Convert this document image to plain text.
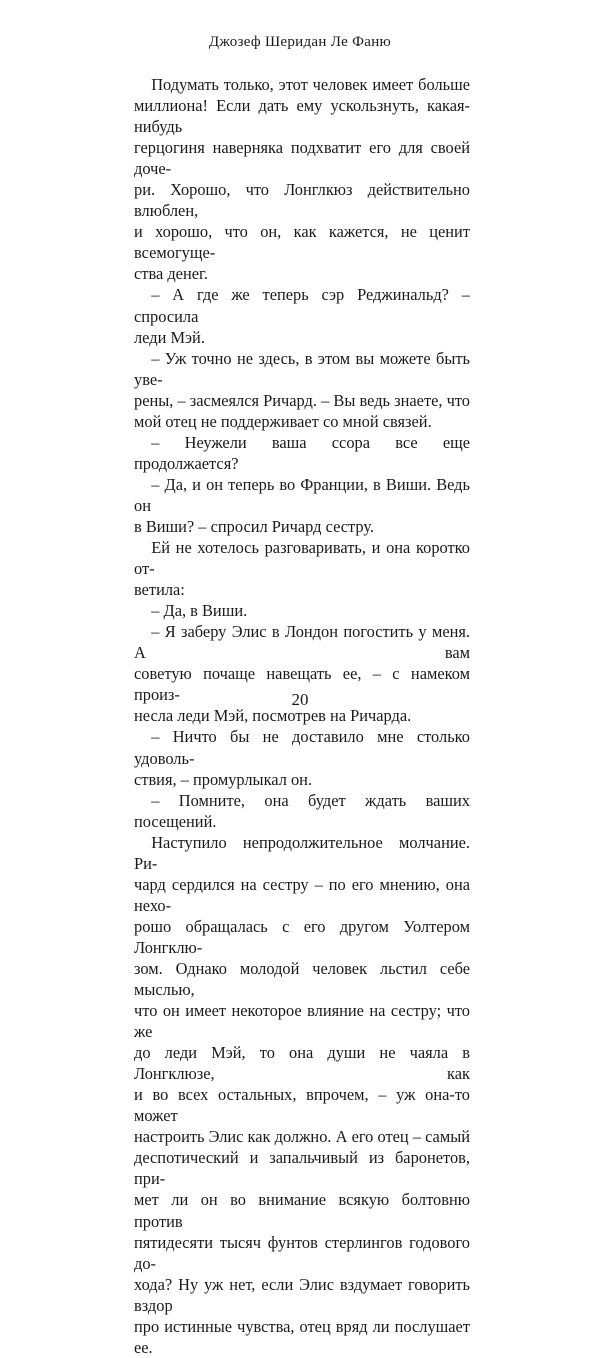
Джозеф Шеридан Ле Фаню

Подумать только, этот человек имеет больше

миллиона! Если дать ему ускользнуть, какая-нибудь

герцогиня наверняка подхватит его для своей доче-

ри. Хорошо, что Лонглкюз действительно влюблен,

и хорошо, что он, как кажется, не ценит всемогуще-

ства денег.

– А где же теперь сэр Реджинальд? – спросила

леди Мэй.

– Уж точно не здесь, в этом вы можете быть уве-

рены, – засмеялся Ричард. – Вы ведь знаете, что

мой отец не поддерживает со мной связей.

– Неужели ваша ссора все еще продолжается?

– Да, и он теперь во Франции, в Виши. Ведь он

в Виши? – спросил Ричард сестру.

Ей не хотелось разговаривать, и она коротко от-

ветила:

– Да, в Виши.

– Я заберу Элис в Лондон погостить у меня. А вам

советую почаще навещать ее, – с намеком произ-

несла леди Мэй, посмотрев на Ричарда.

– Ничто бы не доставило мне столько удоволь-

ствия, – промурлыкал он.

– Помните, она будет ждать ваших посещений.

Наступило непродолжительное молчание. Ри-

чард сердился на сестру – по его мнению, она нехо-

рошо обращалась с его другом Уолтером Лонгклю-

зом. Однако молодой человек льстил себе мыслью,

что он имеет некоторое влияние на сестру; что же

до леди Мэй, то она души не чаяла в Лонгклюзе, как

и во всех остальных, впрочем, – уж она-то может

настроить Элис как должно. А его отец – самый

деспотический и запальчивый из баронетов, при-

мет ли он во внимание всякую болтовню против

пятидесяти тысяч фунтов стерлингов годового до-

хода? Ну уж нет, если Элис вздумает говорить вздор

про истинные чувства, отец вряд ли послушает ее.

20
